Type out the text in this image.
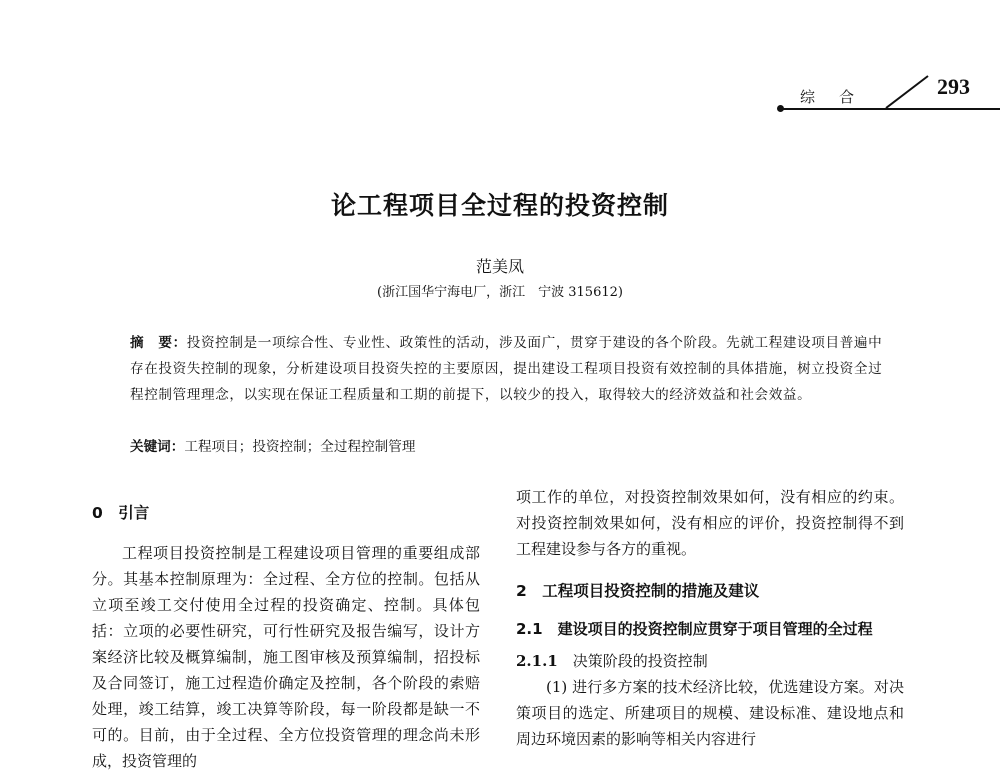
综合	293
论工程项目全过程的投资控制
范美凤
(浙江国华宁海电厂，浙江　宁波 315612)
摘　要：投资控制是一项综合性、专业性、政策性的活动，涉及面广，贯穿于建设的各个阶段。先就工程建设项目普遍中存在投资失控制的现象，分析建设项目投资失控的主要原因，提出建设工程项目投资有效控制的具体措施，树立投资全过程控制管理理念，以实现在保证工程质量和工期的前提下，以较少的投入，取得较大的经济效益和社会效益。
关键词：工程项目；投资控制；全过程控制管理
0　引言

工程项目投资控制是工程建设项目管理的重要组成部分。其基本控制原理为：全过程、全方位的控制。包括从立项至竣工交付使用全过程的投资确定、控制。具体包括：立项的必要性研究，可行性研究及报告编写，设计方案经济比较及概算编制，施工图审核及预算编制，招投标及合同签订，施工过程造价确定及控制，各个阶段的索赔处理，竣工结算，竣工决算等阶段，每一阶段都是缺一不可的。目前，由于全过程、全方位投资管理的理念尚未形成，投资管理的

项工作的单位，对投资控制效果如何，没有相应的约束。对投资控制效果如何，没有相应的评价，投资控制得不到工程建设参与各方的重视。

2　工程项目投资控制的措施及建议
2.1　 建设项目的投资控制应贯穿于项目管理的全过程
2.1.1　 决策阶段的投资控制

(1) 进行多方案的技术经济比较，优选建设方案。对决策项目的选定、所建项目的规模、建设标准、建设地点和周边环境因素的影响等相关内容进行
